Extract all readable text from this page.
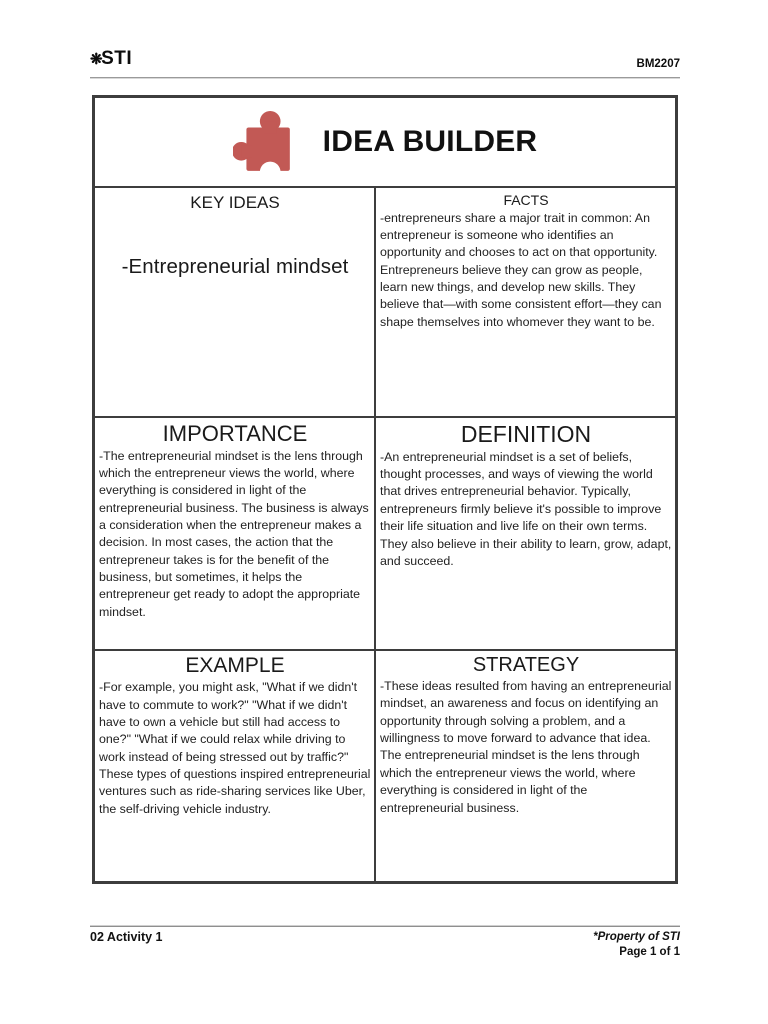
❋
STI	BM2207
IDEA BUILDER
KEY IDEAS
-Entrepreneurial mindset
FACTS
-entrepreneurs share a major trait in common: An entrepreneur is someone who identifies an opportunity and chooses to act on that opportunity. Entrepreneurs believe they can grow as people, learn new things, and develop new skills. They believe that—with some consistent effort—they can shape themselves into whomever they want to be.
IMPORTANCE
-The entrepreneurial mindset is the lens through which the entrepreneur views the world, where everything is considered in light of the entrepreneurial business. The business is always a consideration when the entrepreneur makes a decision. In most cases, the action that the entrepreneur takes is for the benefit of the business, but sometimes, it helps the entrepreneur get ready to adopt the appropriate mindset.
DEFINITION
-An entrepreneurial mindset is a set of beliefs, thought processes, and ways of viewing the world that drives entrepreneurial behavior. Typically, entrepreneurs firmly believe it's possible to improve their life situation and live life on their own terms. They also believe in their ability to learn, grow, adapt, and succeed.
EXAMPLE
-For example, you might ask, "What if we didn't have to commute to work?" "What if we didn't have to own a vehicle but still had access to one?" "What if we could relax while driving to work instead of being stressed out by traffic?" These types of questions inspired entrepreneurial ventures such as ride-sharing services like Uber, the self-driving vehicle industry.
STRATEGY
-These ideas resulted from having an entrepreneurial mindset, an awareness and focus on identifying an opportunity through solving a problem, and a willingness to move forward to advance that idea. The entrepreneurial mindset is the lens through which the entrepreneur views the world, where everything is considered in light of the entrepreneurial business.
02 Activity 1	*Property of STI
Page 1 of 1
